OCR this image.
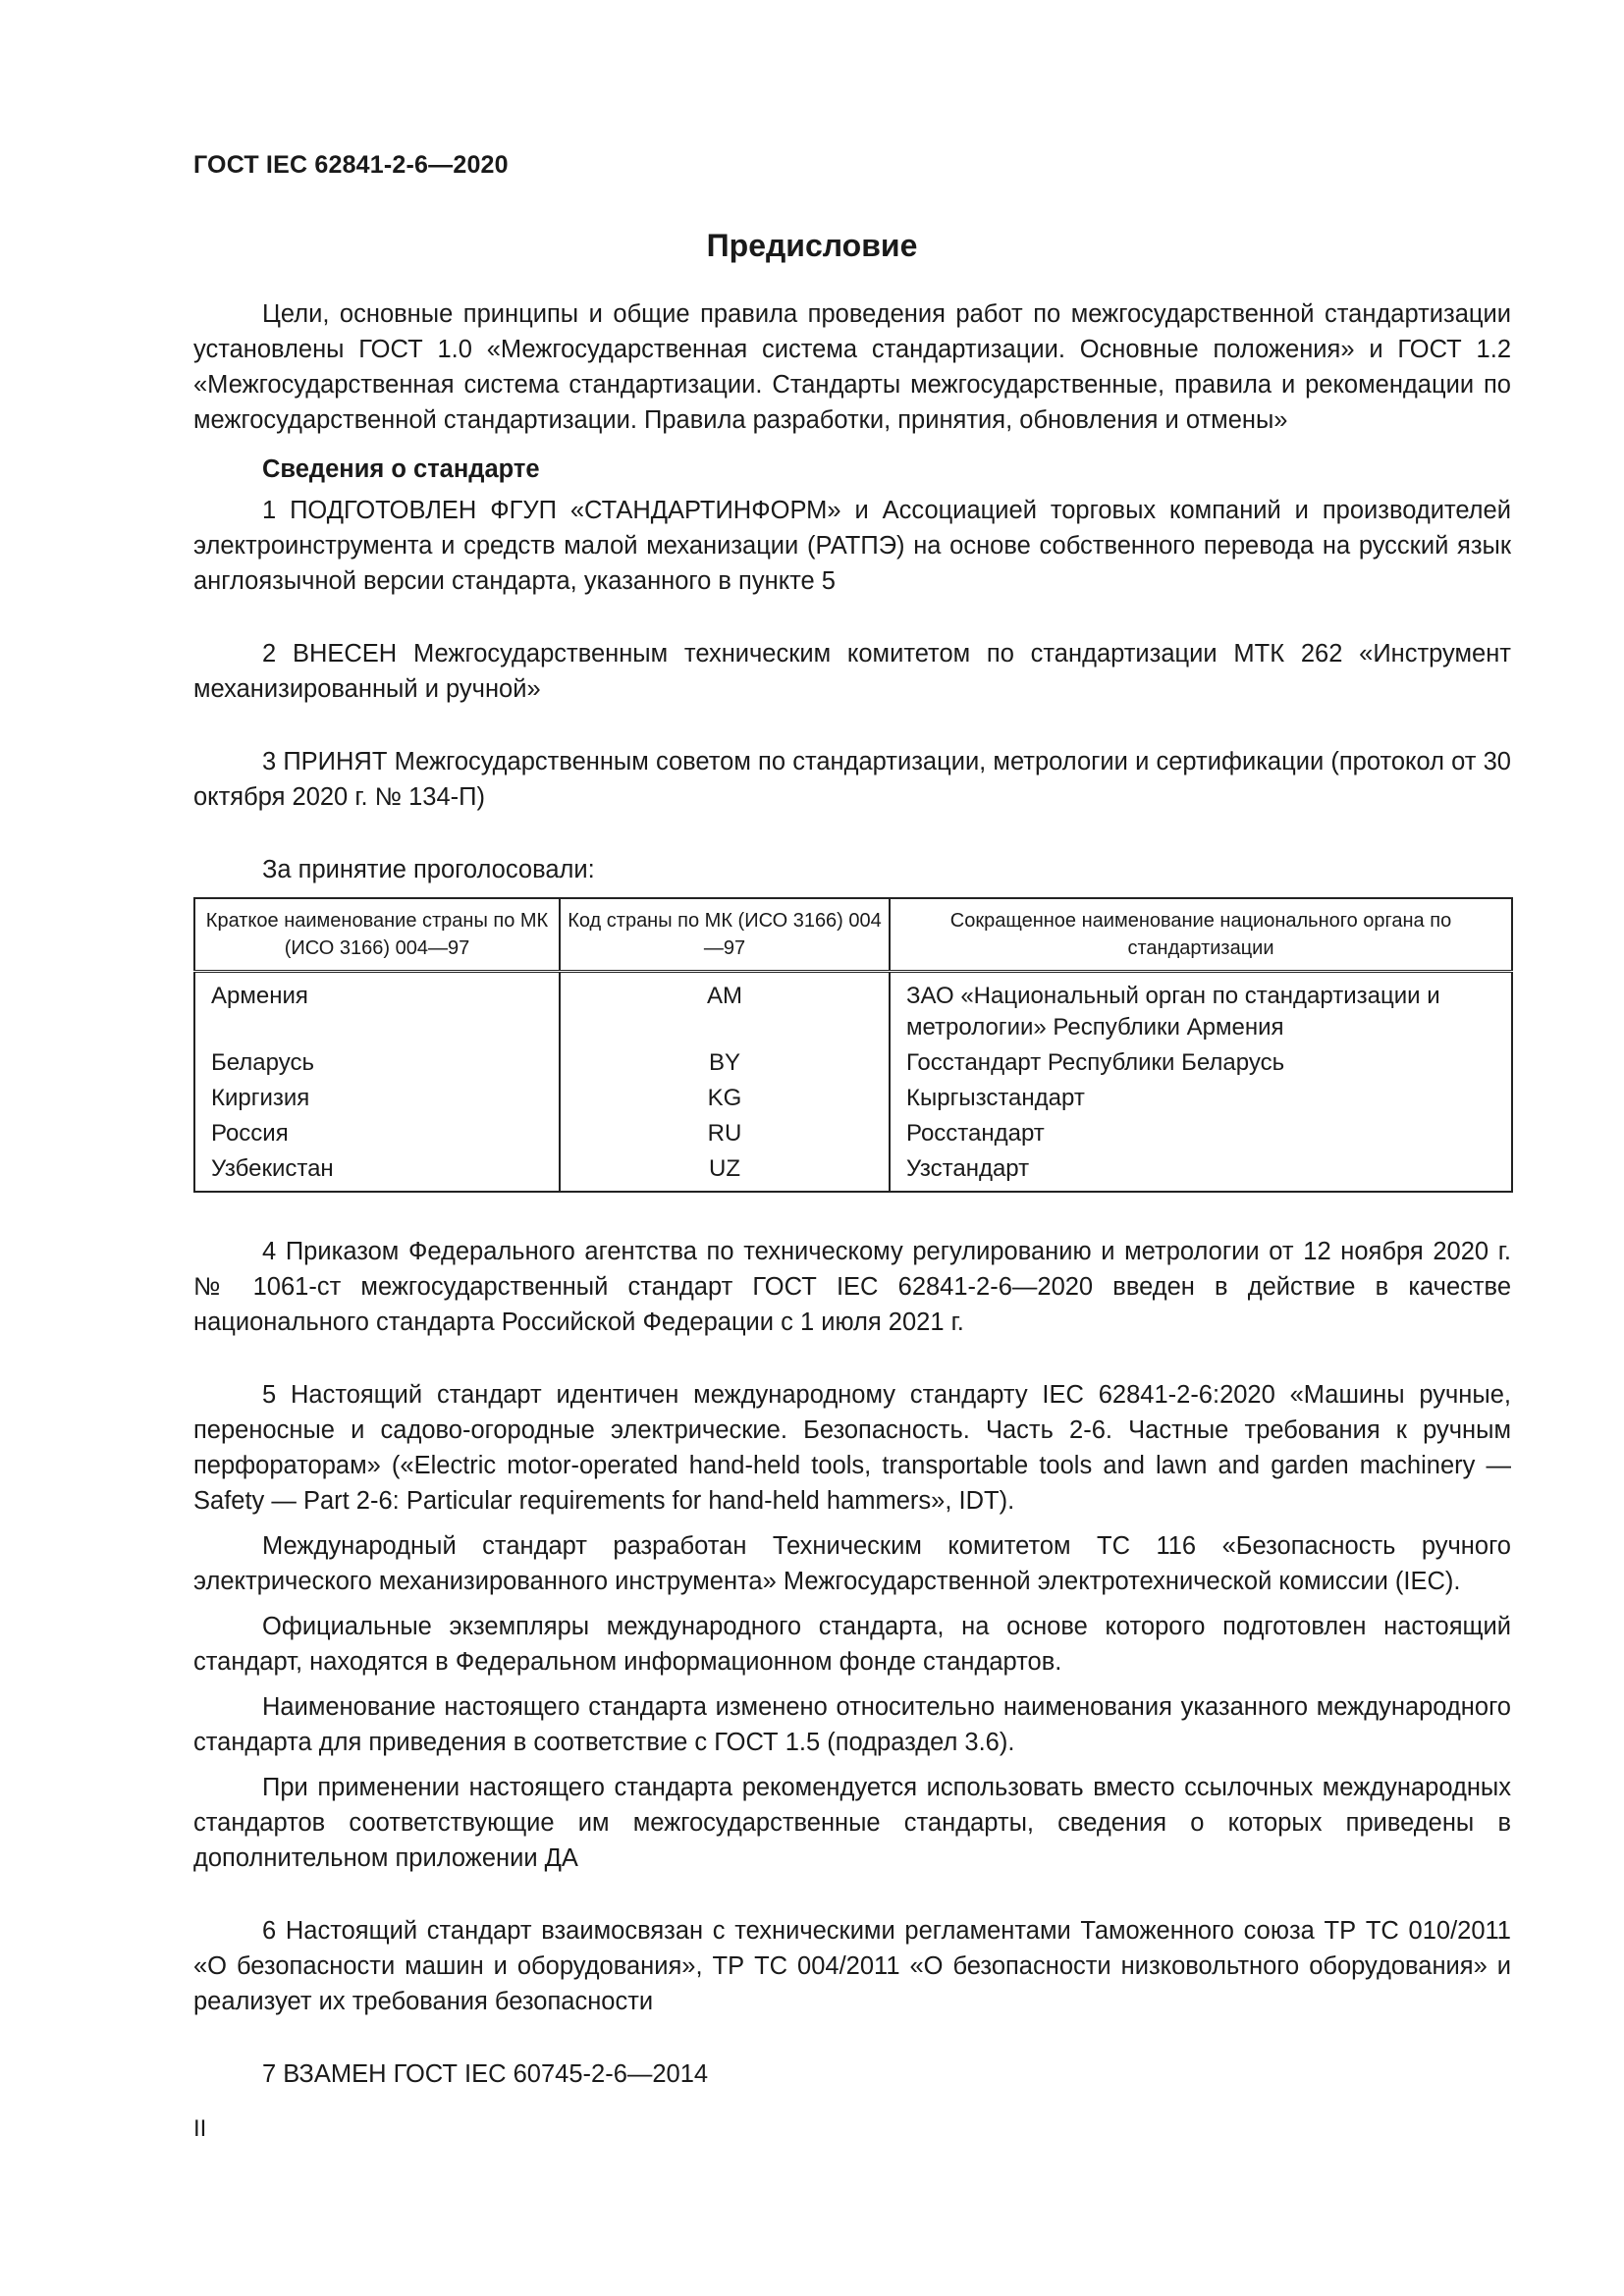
ГОСТ IEC 62841-2-6—2020
Предисловие

Цели, основные принципы и общие правила проведения работ по межгосударственной стандартизации установлены ГОСТ 1.0 «Межгосударственная система стандартизации. Основные положения» и ГОСТ 1.2 «Межгосударственная система стандартизации. Стандарты межгосударственные, правила и рекомендации по межгосударственной стандартизации. Правила разработки, принятия, обновления и отмены»

Сведения о стандарте

1 ПОДГОТОВЛЕН ФГУП «СТАНДАРТИНФОРМ» и Ассоциацией торговых компаний и производителей электроинструмента и средств малой механизации (РАТПЭ) на основе собственного перевода на русский язык англоязычной версии стандарта, указанного в пункте 5

2 ВНЕСЕН Межгосударственным техническим комитетом по стандартизации МТК 262 «Инструмент механизированный и ручной»

3 ПРИНЯТ Межгосударственным советом по стандартизации, метрологии и сертификации (протокол от 30 октября 2020 г. № 134-П)

За принятие проголосовали:

Краткое наименование страны по МК (ИСО 3166) 004—97	Код страны по МК (ИСО 3166) 004—97	Сокращенное наименование национального органа по стандартизации
Армения	AM	ЗАО «Национальный орган по стандартизации и метрологии» Республики Армения
Беларусь	BY	Госстандарт Республики Беларусь
Киргизия	KG	Кыргызстандарт
Россия	RU	Росстандарт
Узбекистан	UZ	Узстандарт

4 Приказом Федерального агентства по техническому регулированию и метрологии от 12 ноября 2020 г. № 1061-ст межгосударственный стандарт ГОСТ IEC 62841-2-6—2020 введен в действие в качестве национального стандарта Российской Федерации с 1 июля 2021 г.

5 Настоящий стандарт идентичен международному стандарту IEC 62841-2-6:2020 «Машины ручные, переносные и садово-огородные электрические. Безопасность. Часть 2-6. Частные требования к ручным перфораторам» («Electric motor-operated hand-held tools, transportable tools and lawn and garden machinery — Safety — Part 2-6: Particular requirements for hand-held hammers», IDT).

Международный стандарт разработан Техническим комитетом ТС 116 «Безопасность ручного электрического механизированного инструмента» Межгосударственной электротехнической комиссии (IEC).

Официальные экземпляры международного стандарта, на основе которого подготовлен настоящий стандарт, находятся в Федеральном информационном фонде стандартов.

Наименование настоящего стандарта изменено относительно наименования указанного международного стандарта для приведения в соответствие с ГОСТ 1.5 (подраздел 3.6).

При применении настоящего стандарта рекомендуется использовать вместо ссылочных международных стандартов соответствующие им межгосударственные стандарты, сведения о которых приведены в дополнительном приложении ДА

6 Настоящий стандарт взаимосвязан с техническими регламентами Таможенного союза ТР ТС 010/2011 «О безопасности машин и оборудования», ТР ТС 004/2011 «О безопасности низковольтного оборудования» и реализует их требования безопасности

7 ВЗАМЕН ГОСТ IEC 60745-2-6—2014

II
